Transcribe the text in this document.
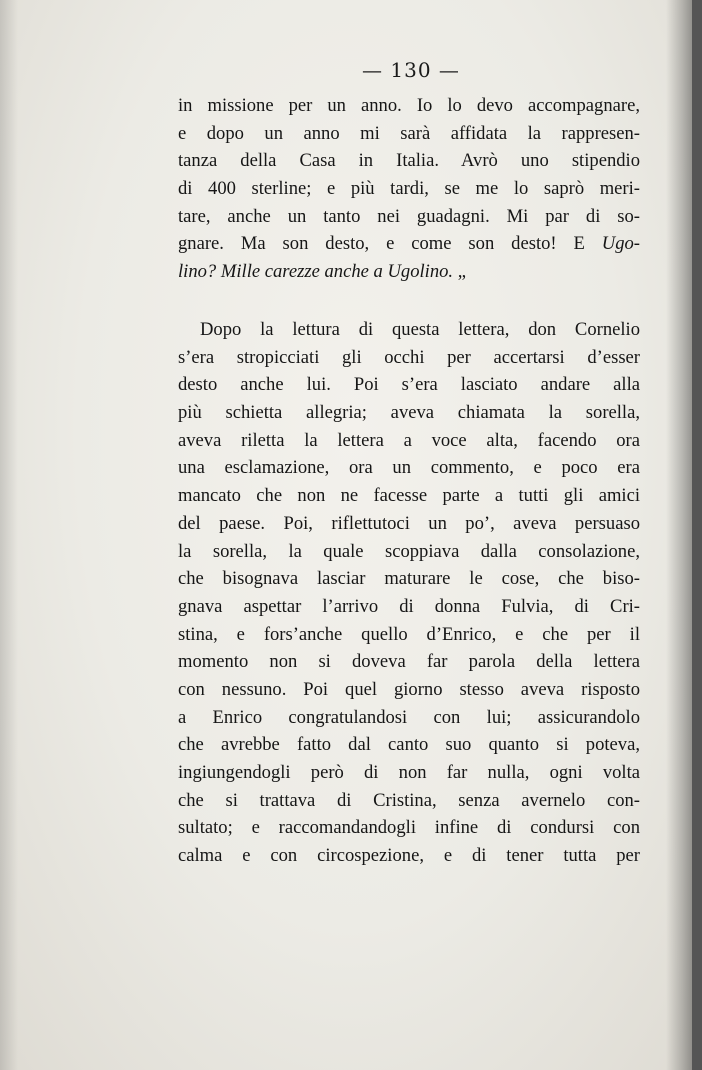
— 130 —
in missione per un anno. Io lo devo accompagnare,
e dopo un anno mi sarà affidata la rappresen-
tanza della Casa in Italia. Avrò uno stipendio
di 400 sterline; e più tardi, se me lo saprò meri-
tare, anche un tanto nei guadagni. Mi par di so-
gnare. Ma son desto, e come son desto! E Ugo-
lino? Mille carezze anche a Ugolino. „
Dopo la lettura di questa lettera, don Cornelio
s’era stropicciati gli occhi per accertarsi d’esser
desto anche lui. Poi s’era lasciato andare alla
più schietta allegria; aveva chiamata la sorella,
aveva riletta la lettera a voce alta, facendo ora
una esclamazione, ora un commento, e poco era
mancato che non ne facesse parte a tutti gli amici
del paese. Poi, riflettutoci un po’, aveva persuaso
la sorella, la quale scoppiava dalla consolazione,
che bisognava lasciar maturare le cose, che biso-
gnava aspettar l’arrivo di donna Fulvia, di Cri-
stina, e fors’anche quello d’Enrico, e che per il
momento non si doveva far parola della lettera
con nessuno. Poi quel giorno stesso aveva risposto
a Enrico congratulandosi con lui; assicurandolo
che avrebbe fatto dal canto suo quanto si poteva,
ingiungendogli però di non far nulla, ogni volta
che si trattava di Cristina, senza avernelo con-
sultato; e raccomandandogli infine di condursi con
calma e con circospezione, e di tener tutta per
